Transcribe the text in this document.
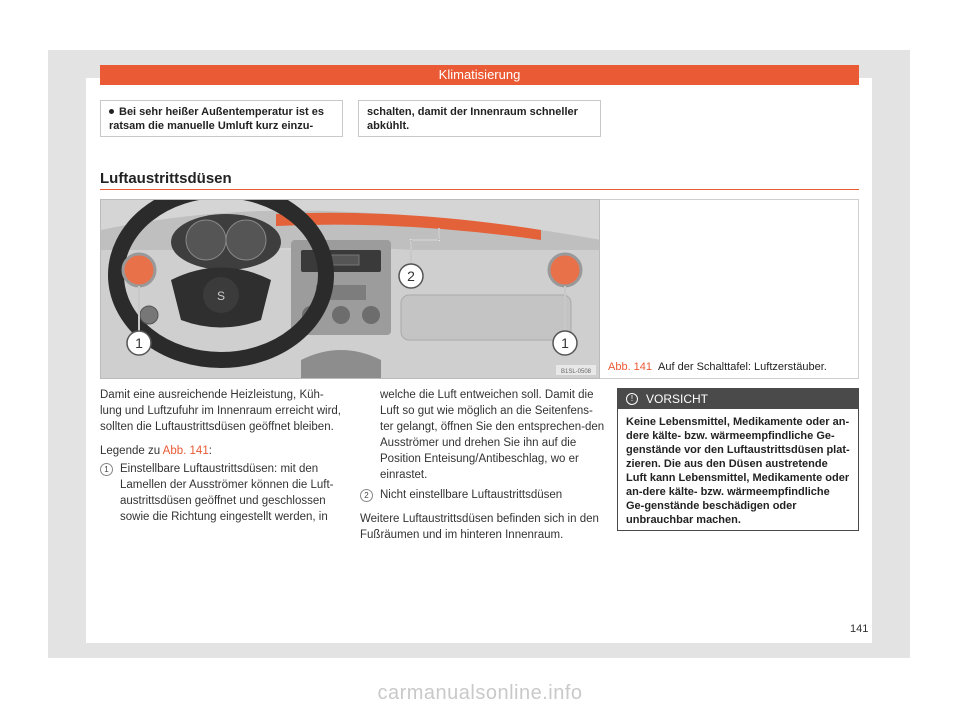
Klimatisierung
Bei sehr heißer Außentemperatur ist es ratsam die manuelle Umluft kurz einzu-
schalten, damit der Innenraum schneller abkühlt.
Luftaustrittsdüsen
S
1	1
2
B1SL-0508 Abb. 141 Auf der Schalttafel: Luftzerstäuber.

Damit eine ausreichende Heizleistung, Küh-lung und Luftzufuhr im Innenraum erreicht wird, sollten die Luftaustrittsdüsen geöffnet bleiben.

Legende zu Abb. 141:

1 Einstellbare Luftaustrittsdüsen: mit den Lamellen der Ausströmer können die Luft-austrittsdüsen geöffnet und geschlossen sowie die Richtung eingestellt werden, in
welche die Luft entweichen soll. Damit die Luft so gut wie möglich an die Seitenfens-ter gelangt, öffnen Sie den entsprechen-den Ausströmer und drehen Sie ihn auf die Position Enteisung/Antibeschlag, wo er einrastet.
2 Nicht einstellbare Luftaustrittsdüsen

Weitere Luftaustrittsdüsen befinden sich in den Fußräumen und im hinteren Innenraum.

! VORSICHT
Keine Lebensmittel, Medikamente oder an-dere kälte- bzw. wärmeempfindliche Ge-genstände vor den Luftaustrittsdüsen plat-zieren. Die aus den Düsen austretende Luft kann Lebensmittel, Medikamente oder an-dere kälte- bzw. wärmeempfindliche Ge-genstände beschädigen oder unbrauchbar machen.
141
carmanualsonline.info
